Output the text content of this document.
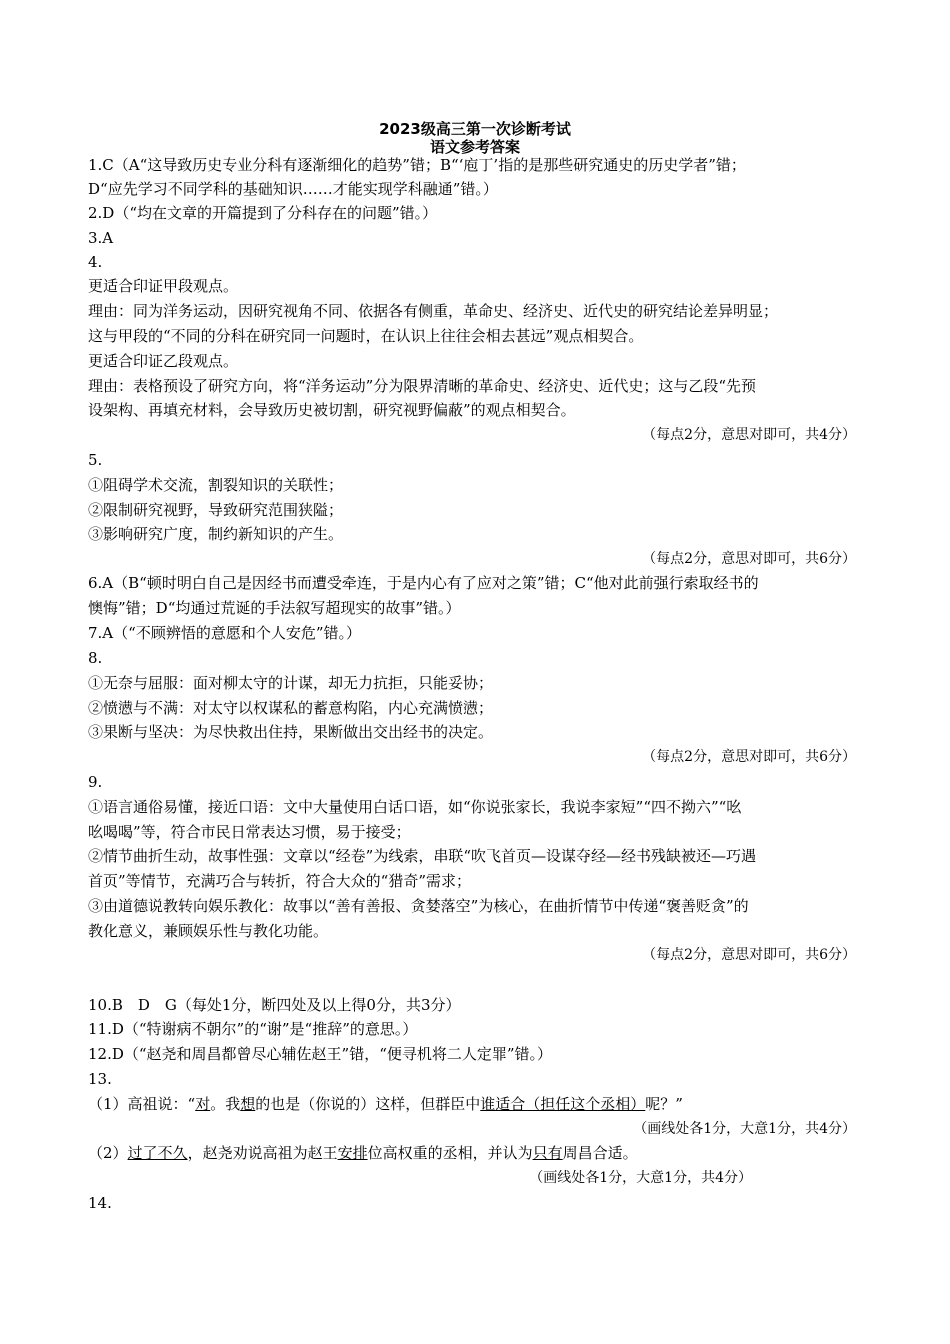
2023级高三第一次诊断考试
语文参考答案
1.C（A“这导致历史专业分科有逐渐细化的趋势”错；B“‘庖丁’指的是那些研究通史的历史学者”错；
D“应先学习不同学科的基础知识……才能实现学科融通”错。）
2.D（“均在文章的开篇提到了分科存在的问题”错。）
3.A
4.
更适合印证甲段观点。
理由：同为洋务运动，因研究视角不同、依据各有侧重，革命史、经济史、近代史的研究结论差异明显；
这与甲段的“不同的分科在研究同一问题时，在认识上往往会相去甚远”观点相契合。
更适合印证乙段观点。
理由：表格预设了研究方向，将“洋务运动”分为限界清晰的革命史、经济史、近代史；这与乙段“先预
设架构、再填充材料，会导致历史被切割，研究视野偏蔽”的观点相契合。
（每点2分，意思对即可，共4分）
5.
①阻碍学术交流，割裂知识的关联性；
②限制研究视野，导致研究范围狭隘；
③影响研究广度，制约新知识的产生。
（每点2分，意思对即可，共6分）
6.A（B“顿时明白自己是因经书而遭受牵连，于是内心有了应对之策”错；C“他对此前强行索取经书的
懊悔”错；D“均通过荒诞的手法叙写超现实的故事”错。）
7.A（“不顾辨悟的意愿和个人安危”错。）
8.
①无奈与屈服：面对柳太守的计谋，却无力抗拒，只能妥协；
②愤懑与不满：对太守以权谋私的蓄意构陷，内心充满愤懑；
③果断与坚决：为尽快救出住持，果断做出交出经书的决定。
（每点2分，意思对即可，共6分）
9.
①语言通俗易懂，接近口语：文中大量使用白话口语，如“你说张家长，我说李家短”“四不拗六”“吆
吆喝喝”等，符合市民日常表达习惯，易于接受；
②情节曲折生动，故事性强：文章以“经卷”为线索，串联“吹飞首页—设谋夺经—经书残缺被还—巧遇
首页”等情节，充满巧合与转折，符合大众的“猎奇”需求；
③由道德说教转向娱乐教化：故事以“善有善报、贪婪落空”为核心，在曲折情节中传递“褒善贬贪”的
教化意义，兼顾娱乐性与教化功能。
（每点2分，意思对即可，共6分）
10.B　D　G（每处1分，断四处及以上得0分，共3分）
11.D（“特谢病不朝尔”的“谢”是“推辞”的意思。）
12.D（“赵尧和周昌都曾尽心辅佐赵王”错，“便寻机将二人定罪”错。）
13.
（1）高祖说：“对。我想的也是（你说的）这样，但群臣中谁适合（担任这个丞相）呢？”
（画线处各1分，大意1分，共4分）
（2）过了不久，赵尧劝说高祖为赵王安排位高权重的丞相，并认为只有周昌合适。
（画线处各1分，大意1分，共4分）
14.
